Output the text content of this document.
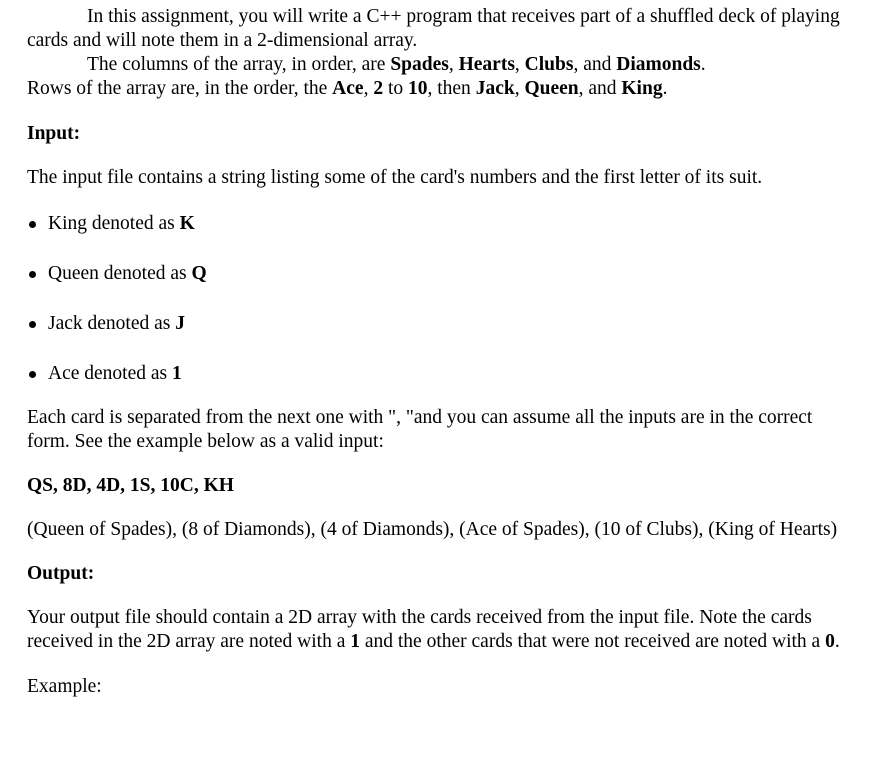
In this assignment, you will write a C++ program that receives part of a shuffled deck of playing cards and will note them in a 2-dimensional array.

The columns of the array, in order, are Spades, Hearts, Clubs, and Diamonds.

Rows of the array are, in the order, the Ace, 2 to 10, then Jack, Queen, and King.

Input:

The input file contains a string listing some of the card's numbers and the first letter of its suit.

King denoted as K
Queen denoted as Q
Jack denoted as J
Ace denoted as 1

Each card is separated from the next one with ", "and you can assume all the inputs are in the correct form. See the example below as a valid input:

QS, 8D, 4D, 1S, 10C, KH

(Queen of Spades), (8 of Diamonds), (4 of Diamonds), (Ace of Spades), (10 of Clubs), (King of Hearts)

Output:

Your output file should contain a 2D array with the cards received from the input file. Note the cards received in the 2D array are noted with a 1 and the other cards that were not received are noted with a 0.

Example:
